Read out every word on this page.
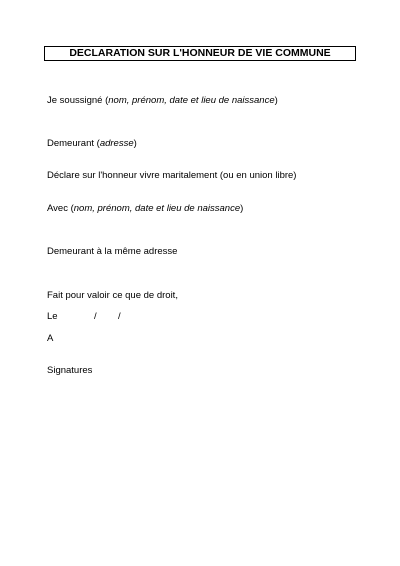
DECLARATION SUR L'HONNEUR DE VIE COMMUNE
Je soussigné (nom, prénom, date et lieu de naissance)
Demeurant (adresse)
Déclare sur l'honneur vivre maritalement (ou en union libre)
Avec (nom, prénom, date et lieu de naissance)
Demeurant à la même adresse
Fait pour valoir ce que de droit,
Le	/ /
A
Signatures
